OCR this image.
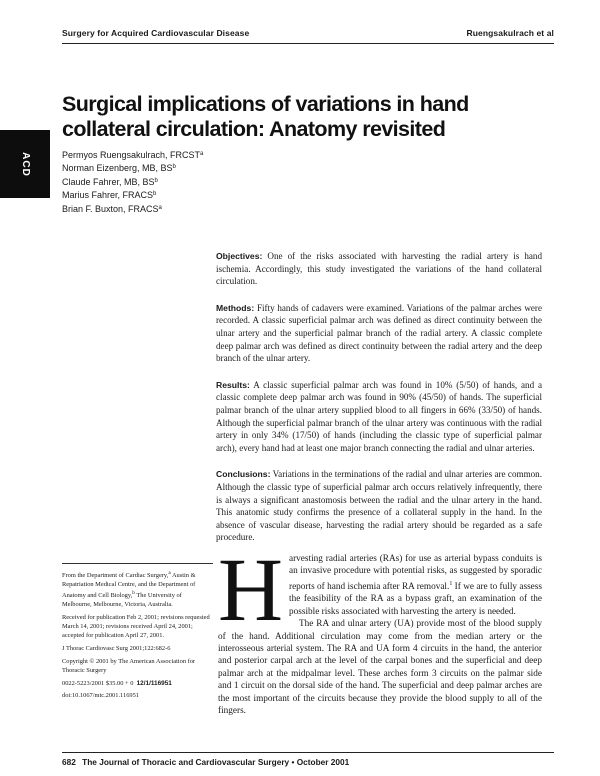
Surgery for Acquired Cardiovascular Disease	Ruengsakulrach et al
ACD
Surgical implications of variations in hand collateral circulation: Anatomy revisited
Permyos Ruengsakulrach, FRCST$^a$
Norman Eizenberg, MB, $BS^b$
Claude Fahrer, MB, $BS^b$
Marius Fahrer, FRACS$^b$
Brian F. Buxton, FRACS$^a$

Objectives: One of the risks associated with harvesting the radial artery is hand ischemia. Accordingly, this study investigated the variations of the hand collateral circulation.

Methods: Fifty hands of cadavers were examined. Variations of the palmar arches were recorded. A classic superficial palmar arch was defined as direct continuity between the ulnar artery and the superficial palmar branch of the radial artery. A classic complete deep palmar arch was defined as direct continuity between the radial artery and the deep branch of the ulnar artery.

Results: A classic superficial palmar arch was found in 10% (5/50) of hands, and a classic complete deep palmar arch was found in 90% (45/50) of hands. The superficial palmar branch of the ulnar artery supplied blood to all fingers in 66% (33/50) of hands. Although the superficial palmar branch of the ulnar artery was continuous with the radial artery in only 34% (17/50) of hands (including the classic type of superficial palmar arch), every hand had at least one major branch connecting the radial and ulnar arteries.

Conclusions: Variations in the terminations of the radial and ulnar arteries are common. Although the classic type of superficial palmar arch occurs relatively infrequently, there is always a significant anastomosis between the radial and the ulnar artery in the hand. This anatomic study confirms the presence of a collateral supply in the hand. In the absence of vascular disease, harvesting the radial artery should be regarded as a safe procedure.

From the Department of Cardiac Surgery,$^a$ Austin & Repatriation Medical Centre, and the Department of Anatomy and Cell Biology,$^b$ The University of Melbourne, Melbourne, Victoria, Australia.

Received for publication Feb 2, 2001; revisions requested March 14, 2001; revisions received April 24, 2001; accepted for publication April 27, 2001.

J Thorac Cardiovasc Surg 2001;122:682-6

Copyright © 2001 by The American Association for Thoracic Surgery

0022-5223/2001 $35.00 + 0 12/1/116951

doi:10.1067/mtc.2001.116951

H arvesting radial arteries (RAs) for use as arterial bypass conduits is an invasive procedure with potential risks, as suggested by sporadic reports of hand ischemia after RA removal.$^1$ If we are to fully assess the feasibility of the RA as a bypass graft, an examination of the possible risks associated with harvesting the artery is needed.

The RA and ulnar artery (UA) provide most of the blood supply of the hand. Additional circulation may come from the median artery or the interosseous arterial system. The RA and UA form 4 circuits in the hand, the anterior and posterior carpal arch at the level of the carpal bones and the superficial and deep palmar arch at the midpalmar level. These arches form 3 circuits on the palmar side and 1 circuit on the dorsal side of the hand. The superficial and deep palmar arches are the most important of the circuits because they provide the blood supply to all of the fingers.

682 The Journal of Thoracic and Cardiovascular Surgery • October 2001
